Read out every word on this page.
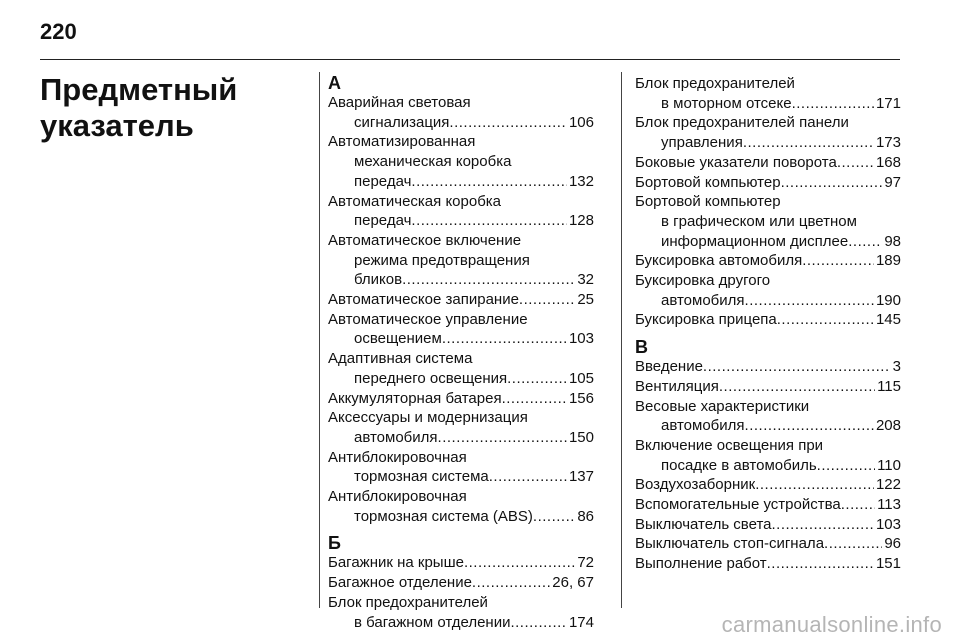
220
Предметный указатель
А
Аварийная световая
сигнализация .....	106
Автоматизированная
механическая коробка
передач .....	132
Автоматическая коробка
передач .....	128
Автоматическое включение
режима предотвращения
бликов .....	32
Автоматическое запирание .....	25
Автоматическое управление
освещением .....	103
Адаптивная система
переднего освещения .....	105
Аккумуляторная батарея .....	156
Аксессуары и модернизация
автомобиля .....	150
Антиблокировочная
тормозная система .....	137
Антиблокировочная
тормозная система (ABS) .....	86
Б
Багажник на крыше .....	72
Багажное отделение .....	26, 67
Блок предохранителей
в багажном отделении .....	174
Блок предохранителей
в моторном отсеке .....	171
Блок предохранителей панели
управления .....	173
Боковые указатели поворота .....	168
Бортовой компьютер .....	97
Бортовой компьютер
в графическом или цветном
информационном дисплее ..... 98
Буксировка автомобиля .....	189
Буксировка другого
автомобиля .....	190
Буксировка прицепа .....	145
В
Введение .....	3
Вентиляция .....	115
Весовые характеристики
автомобиля .....	208
Включение освещения при
посадке в автомобиль .....	110
Воздухозаборник .....	122
Вспомогательные устройства ..... 113
Выключатель света .....	103
Выключатель стоп-сигнала .....	96
Выполнение работ .....	151
carmanualsonline.info
